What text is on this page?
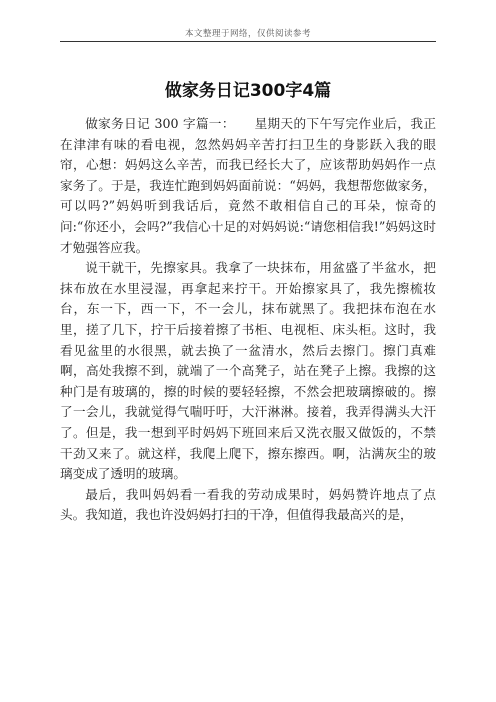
本文整理于网络，仅供阅读参考
做家务日记300字4篇

做家务日记 300 字篇一：　　星期天的下午写完作业后，我正在津津有味的看电视，忽然妈妈辛苦打扫卫生的身影跃入我的眼帘，心想：妈妈这么辛苦，而我已经长大了，应该帮助妈妈作一点家务了。于是，我连忙跑到妈妈面前说：“妈妈，我想帮您做家务，可以吗?”妈妈听到我话后，竟然不敢相信自己的耳朵，惊奇的问:“你还小，会吗?”我信心十足的对妈妈说:“请您相信我!”妈妈这时才勉强答应我。

说干就干，先擦家具。我拿了一块抹布，用盆盛了半盆水，把抹布放在水里浸湿，再拿起来拧干。开始擦家具了，我先擦梳妆台，东一下，西一下，不一会儿，抹布就黑了。我把抹布泡在水里，搓了几下，拧干后接着擦了书柜、电视柜、床头柜。这时，我看见盆里的水很黑，就去换了一盆清水，然后去擦门。擦门真难啊，高处我擦不到，就端了一个高凳子，站在凳子上擦。我擦的这种门是有玻璃的，擦的时候的要轻轻擦，不然会把玻璃擦破的。擦了一会儿，我就觉得气喘吁吁，大汗淋淋。接着，我弄得满头大汗了。但是，我一想到平时妈妈下班回来后又洗衣服又做饭的，不禁干劲又来了。就这样，我爬上爬下，擦东擦西。啊，沾满灰尘的玻璃变成了透明的玻璃。

最后，我叫妈妈看一看我的劳动成果时，妈妈赞许地点了点头。我知道，我也许没妈妈打扫的干净，但值得我最高兴的是，
